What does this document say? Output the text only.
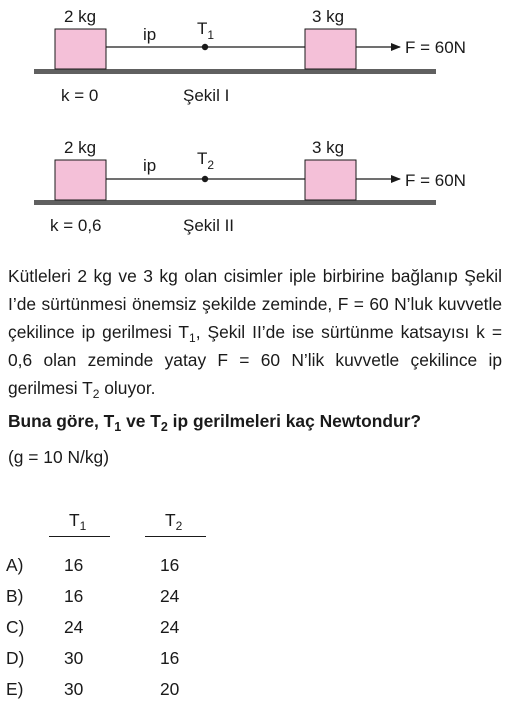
2 kg	3 kg
ip $T_1$
F = 60N
k = 0	Şekil I
2 kg	3 kg
ip $T_2$
F = 60N
k = 0,6	Şekil II

Kütleleri 2 kg ve 3 kg olan cisimler iple birbirine bağlanıp Şekil I’de sürtünmesi önemsiz şekilde zeminde, F = 60 N’luk kuvvetle çekilince ip gerilmesi $T_1$, Şekil II’de ise sürtünme katsayısı k = 0,6 olan zeminde yatay F = 60 N’lik kuvvetle çekilince ip gerilmesi $T_2$ oluyor.

Buna göre, $T_1$ ve $T_2$ ip gerilmeleri kaç Newtondur?

(g = 10 N/kg)

$T_1$	$T_2$
A) 16	16
B) 16	24
C) 24	24
D) 30	16
E) 30	20
